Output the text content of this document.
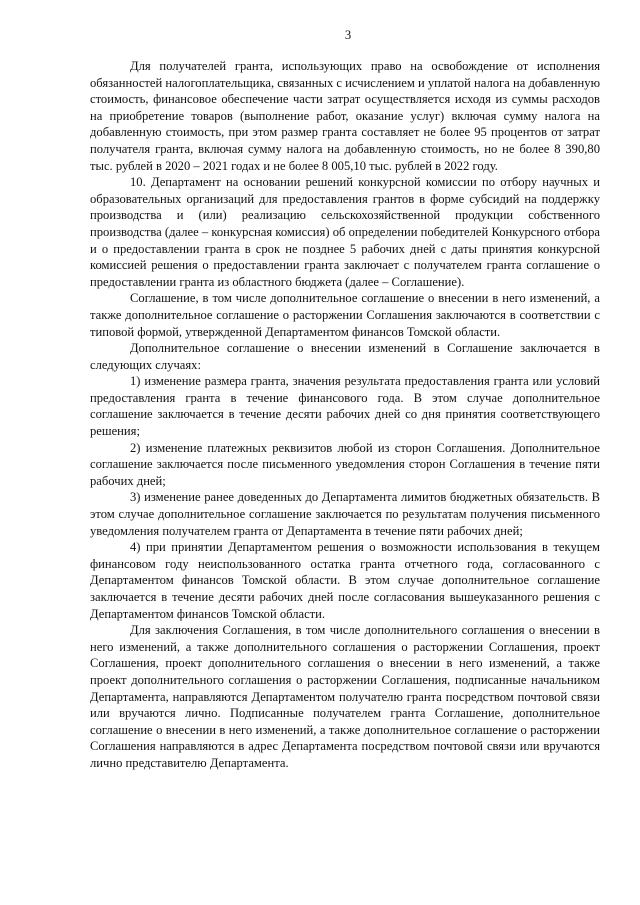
3

Для получателей гранта, использующих право на освобождение от исполнения обязанностей налогоплательщика, связанных с исчислением и уплатой налога на добавленную стоимость, финансовое обеспечение части затрат осуществляется исходя из суммы расходов на приобретение товаров (выполнение работ, оказание услуг) включая сумму налога на добавленную стоимость, при этом размер гранта составляет не более 95 процентов от затрат получателя гранта, включая сумму налога на добавленную стоимость, но не более 8 390,80 тыс. рублей в 2020 – 2021 годах и не более 8 005,10 тыс. рублей в 2022 году.

10. Департамент на основании решений конкурсной комиссии по отбору научных и образовательных организаций для предоставления грантов в форме субсидий на поддержку производства и (или) реализацию сельскохозяйственной продукции собственного производства (далее – конкурсная комиссия) об определении победителей Конкурсного отбора и о предоставлении гранта в срок не позднее 5 рабочих дней с даты принятия конкурсной комиссией решения о предоставлении гранта заключает с получателем гранта соглашение о предоставлении гранта из областного бюджета (далее – Соглашение).

Соглашение, в том числе дополнительное соглашение о внесении в него изменений, а также дополнительное соглашение о расторжении Соглашения заключаются в соответствии с типовой формой, утвержденной Департаментом финансов Томской области.

Дополнительное соглашение о внесении изменений в Соглашение заключается в следующих случаях:

1) изменение размера гранта, значения результата предоставления гранта или условий предоставления гранта в течение финансового года. В этом случае дополнительное соглашение заключается в течение десяти рабочих дней со дня принятия соответствующего решения;

2) изменение платежных реквизитов любой из сторон Соглашения. Дополнительное соглашение заключается после письменного уведомления сторон Соглашения в течение пяти рабочих дней;

3) изменение ранее доведенных до Департамента лимитов бюджетных обязательств. В этом случае дополнительное соглашение заключается по результатам получения письменного уведомления получателем гранта от Департамента в течение пяти рабочих дней;

4) при принятии Департаментом решения о возможности использования в текущем финансовом году неиспользованного остатка гранта отчетного года, согласованного с Департаментом финансов Томской области. В этом случае дополнительное соглашение заключается в течение десяти рабочих дней после согласования вышеуказанного решения с Департаментом финансов Томской области.

Для заключения Соглашения, в том числе дополнительного соглашения о внесении в него изменений, а также дополнительного соглашения о расторжении Соглашения, проект Соглашения, проект дополнительного соглашения о внесении в него изменений, а также проект дополнительного соглашения о расторжении Соглашения, подписанные начальником Департамента, направляются Департаментом получателю гранта посредством почтовой связи или вручаются лично. Подписанные получателем гранта Соглашение, дополнительное соглашение о внесении в него изменений, а также дополнительное соглашение о расторжении Соглашения направляются в адрес Департамента посредством почтовой связи или вручаются лично представителю Департамента.
